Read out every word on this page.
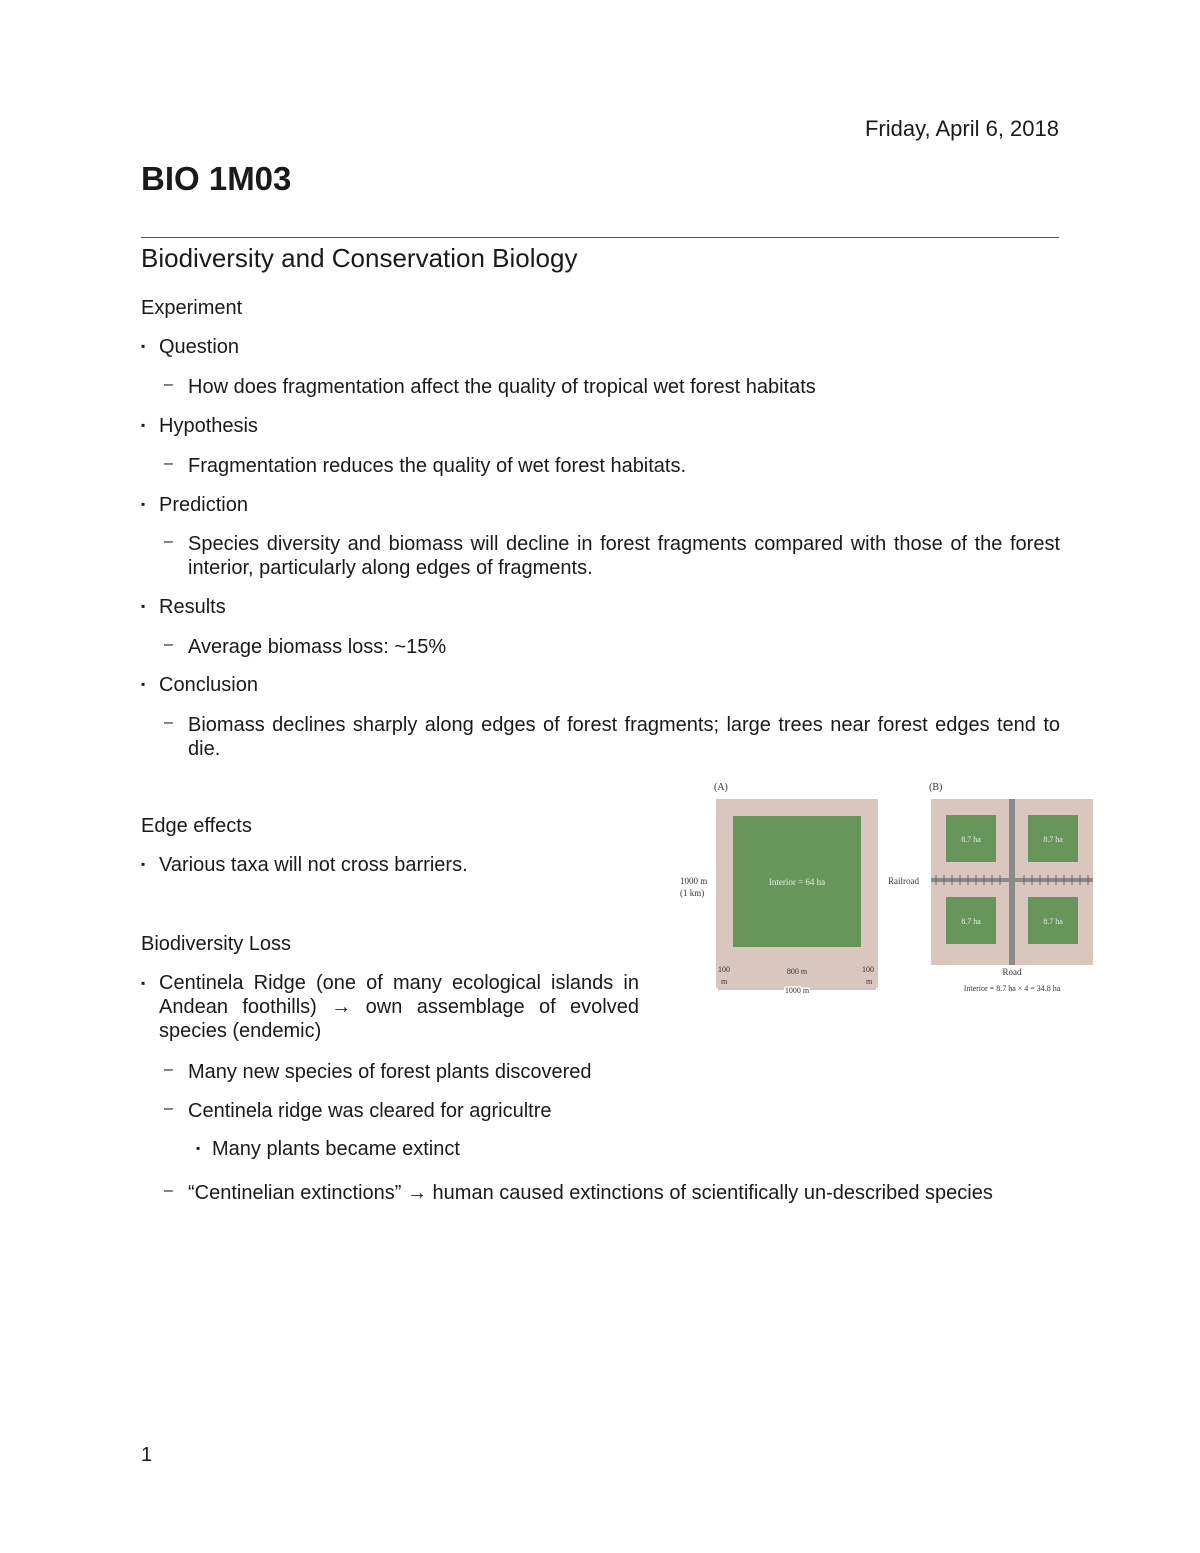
Friday, April 6, 2018
BIO 1M03
Biodiversity and Conservation Biology
Experiment
▪ Question
– How does fragmentation affect the quality of tropical wet forest habitats
▪ Hypothesis
– Fragmentation reduces the quality of wet forest habitats.
▪ Prediction
– Species diversity and biomass will decline in forest fragments compared with those of the forest interior, particularly along edges of fragments.
▪ Results
– Average biomass loss: ~15%
▪ Conclusion
– Biomass declines sharply along edges of forest fragments; large trees near forest edges tend to die.
Edge effects
▪ Various taxa will not cross barriers.
Biodiversity Loss
▪ Centinela Ridge (one of many ecological islands in Andean foothills) → own assemblage of evolved species (endemic)
– Many new species of forest plants discovered
– Centinela ridge was cleared for agricultre
▪ Many plants became extinct
– “Centinelian extinctions” → human caused extinctions of scientifically un-described species
(A)
Interior = 64 ha
1000 m
(1 km)
100
m
800 m	100
m
1000 m
(B)
8.7 ha	8.7 ha
8.7 ha	8.7 ha
Railroad
Road
Interior = 8.7 ha × 4 = 34.8 ha
1
